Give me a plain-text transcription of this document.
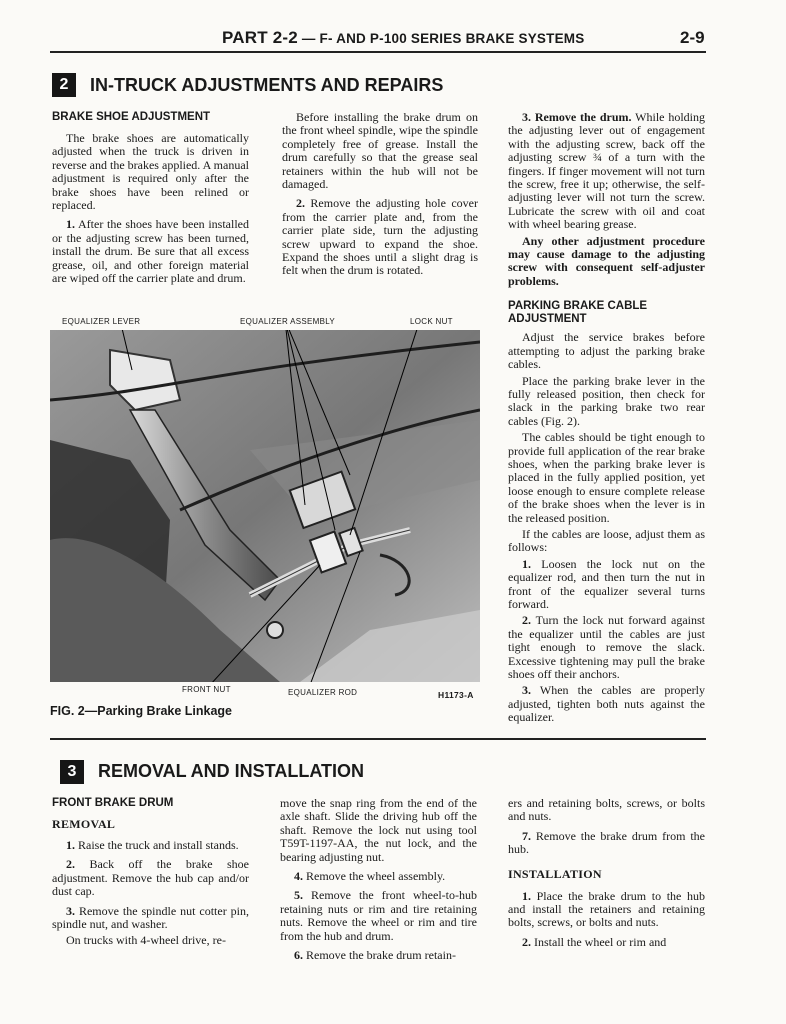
PART 2-2 — F- AND P-100 SERIES BRAKE SYSTEMS	2-9
2	IN-TRUCK ADJUSTMENTS AND REPAIRS
BRAKE SHOE ADJUSTMENT

The brake shoes are automatically adjusted when the truck is driven in reverse and the brakes applied. A manual adjustment is required only after the brake shoes have been relined or replaced.

1. After the shoes have been installed or the adjusting screw has been turned, install the drum. Be sure that all excess grease, oil, and other foreign material are wiped off the carrier plate and drum.

Before installing the brake drum on the front wheel spindle, wipe the spindle completely free of grease. Install the drum carefully so that the grease seal retainers within the hub will not be damaged.

2. Remove the adjusting hole cover from the carrier plate and, from the carrier plate side, turn the adjusting screw upward to expand the shoe. Expand the shoes until a slight drag is felt when the drum is rotated.

3. Remove the drum. While holding the adjusting lever out of engagement with the adjusting screw, back off the adjusting screw ¾ of a turn with the fingers. If finger movement will not turn the screw, free it up; otherwise, the self-adjusting lever will not turn the screw. Lubricate the screw with oil and coat with wheel bearing grease.

Any other adjustment procedure may cause damage to the adjusting screw with consequent self-adjuster problems.

PARKING BRAKE CABLE ADJUSTMENT

Adjust the service brakes before attempting to adjust the parking brake cables.

Place the parking brake lever in the fully released position, then check for slack in the parking brake two rear cables (Fig. 2).

The cables should be tight enough to provide full application of the rear brake shoes, when the parking brake lever is placed in the fully applied position, yet loose enough to ensure complete release of the brake shoes when the lever is in the released position.

If the cables are loose, adjust them as follows:

1. Loosen the lock nut on the equalizer rod, and then turn the nut in front of the equalizer several turns forward.

2. Turn the lock nut forward against the equalizer until the cables are just tight enough to remove the slack. Excessive tightening may pull the brake shoes off their anchors.

3. When the cables are properly adjusted, tighten both nuts against the equalizer.

EQUALIZER LEVER	EQUALIZER ASSEMBLY	LOCK NUT
FRONT NUT	EQUALIZER ROD	H1173-A
FIG. 2—Parking Brake Linkage
3	REMOVAL AND INSTALLATION
FRONT BRAKE DRUM
REMOVAL

1. Raise the truck and install stands.

2. Back off the brake shoe adjustment. Remove the hub cap and/or dust cap.

3. Remove the spindle nut cotter pin, spindle nut, and washer.

On trucks with 4-wheel drive, re-

move the snap ring from the end of the axle shaft. Slide the driving hub off the shaft. Remove the lock nut using tool T59T-1197-AA, the nut lock, and the bearing adjusting nut.

4. Remove the wheel assembly.

5. Remove the front wheel-to-hub retaining nuts or rim and tire retaining nuts. Remove the wheel or rim and tire from the hub and drum.

6. Remove the brake drum retain-

ers and retaining bolts, screws, or bolts and nuts.

7. Remove the brake drum from the hub.

INSTALLATION

1. Place the brake drum to the hub and install the retainers and retaining bolts, screws, or bolts and nuts.

2. Install the wheel or rim and
